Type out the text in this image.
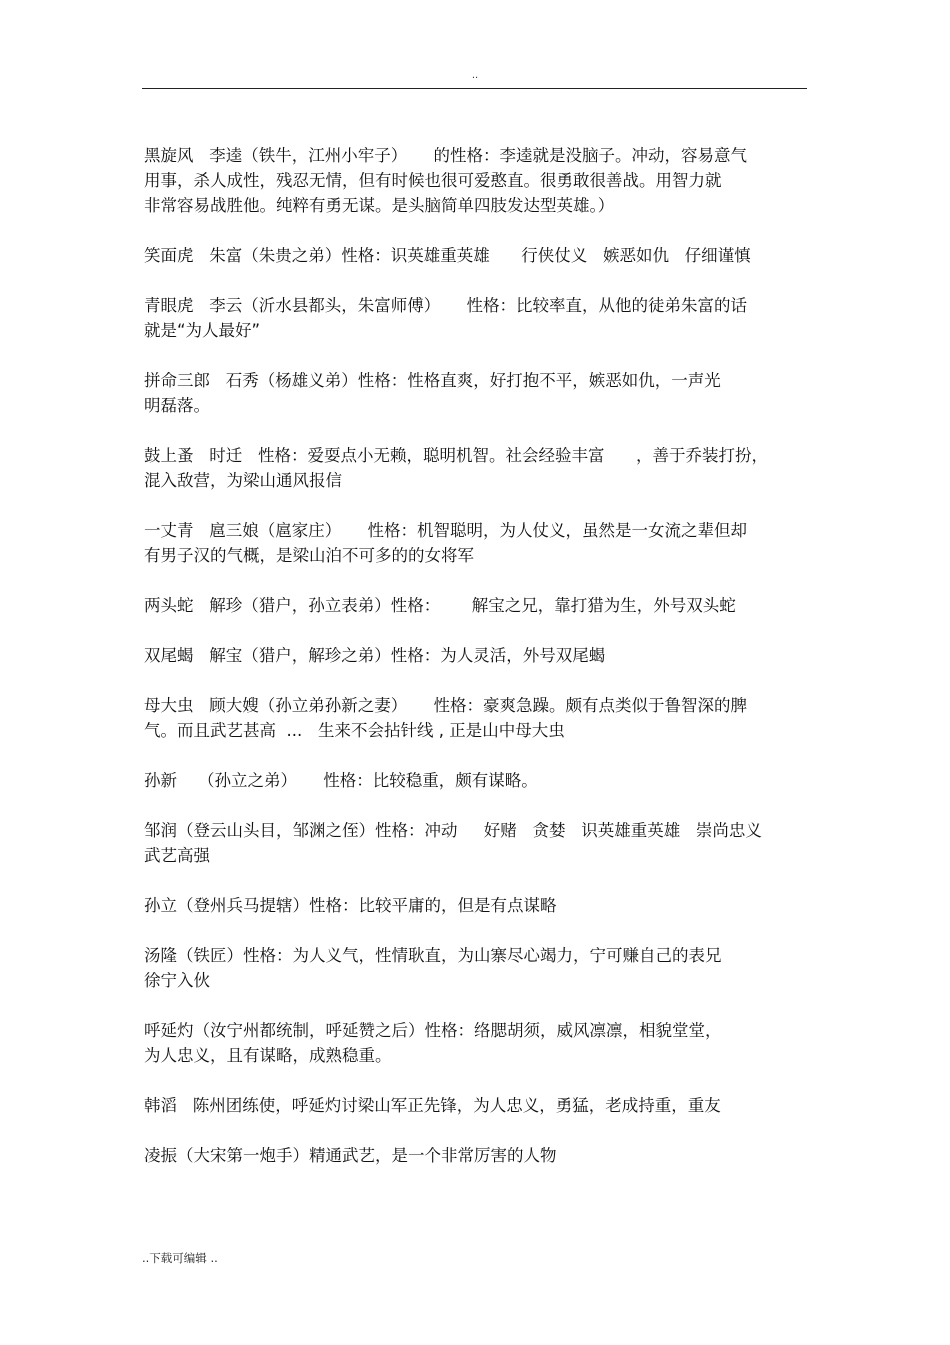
..

黑旋风   李逵（铁牛，江州小牢子）     的性格：李逵就是没脑子。冲动，容易意气
用事，杀人成性，残忍无情，但有时候也很可爱憨直。很勇敢很善战。用智力就
非常容易战胜他。纯粹有勇无谋。是头脑简单四肢发达型英雄。）

笑面虎   朱富（朱贵之弟）性格：识英雄重英雄      行侠仗义   嫉恶如仇   仔细谨慎

青眼虎   李云（沂水县都头，朱富师傅）     性格：比较率直，从他的徒弟朱富的话
就是“为人最好”

拼命三郎   石秀（杨雄义弟）性格：性格直爽，好打抱不平，嫉恶如仇，一声光
明磊落。

鼓上蚤   时迁   性格：爱耍点小无赖，聪明机智。社会经验丰富      ，善于乔装打扮，
混入敌营，为梁山通风报信

一丈青   扈三娘（扈家庄）     性格：机智聪明，为人仗义，虽然是一女流之辈但却
有男子汉的气概，是梁山泊不可多的的女将军

两头蛇   解珍（猎户，孙立表弟）性格：      解宝之兄，靠打猎为生，外号双头蛇

双尾蝎   解宝（猎户，解珍之弟）性格：为人灵活，外号双尾蝎

母大虫   顾大嫂（孙立弟孙新之妻）     性格：豪爽急躁。颇有点类似于鲁智深的脾
气。而且武艺甚高  ...   生来不会拈针线 , 正是山中母大虫

孙新    （孙立之弟）     性格：比较稳重，颇有谋略。

邹润（登云山头目，邹渊之侄）性格：冲动     好赌   贪婪   识英雄重英雄   崇尚忠义
武艺高强

孙立（登州兵马提辖）性格：比较平庸的，但是有点谋略

汤隆（铁匠）性格：为人义气，性情耿直，为山寨尽心竭力，宁可赚自己的表兄
徐宁入伙

呼延灼（汝宁州都统制，呼延赞之后）性格：络腮胡须，威风凛凛，相貌堂堂，
为人忠义，且有谋略，成熟稳重。

韩滔   陈州团练使，呼延灼讨梁山军正先锋，为人忠义，勇猛，老成持重，重友

凌振（大宋第一炮手）精通武艺，是一个非常厉害的人物

..下载可编辑 ..
